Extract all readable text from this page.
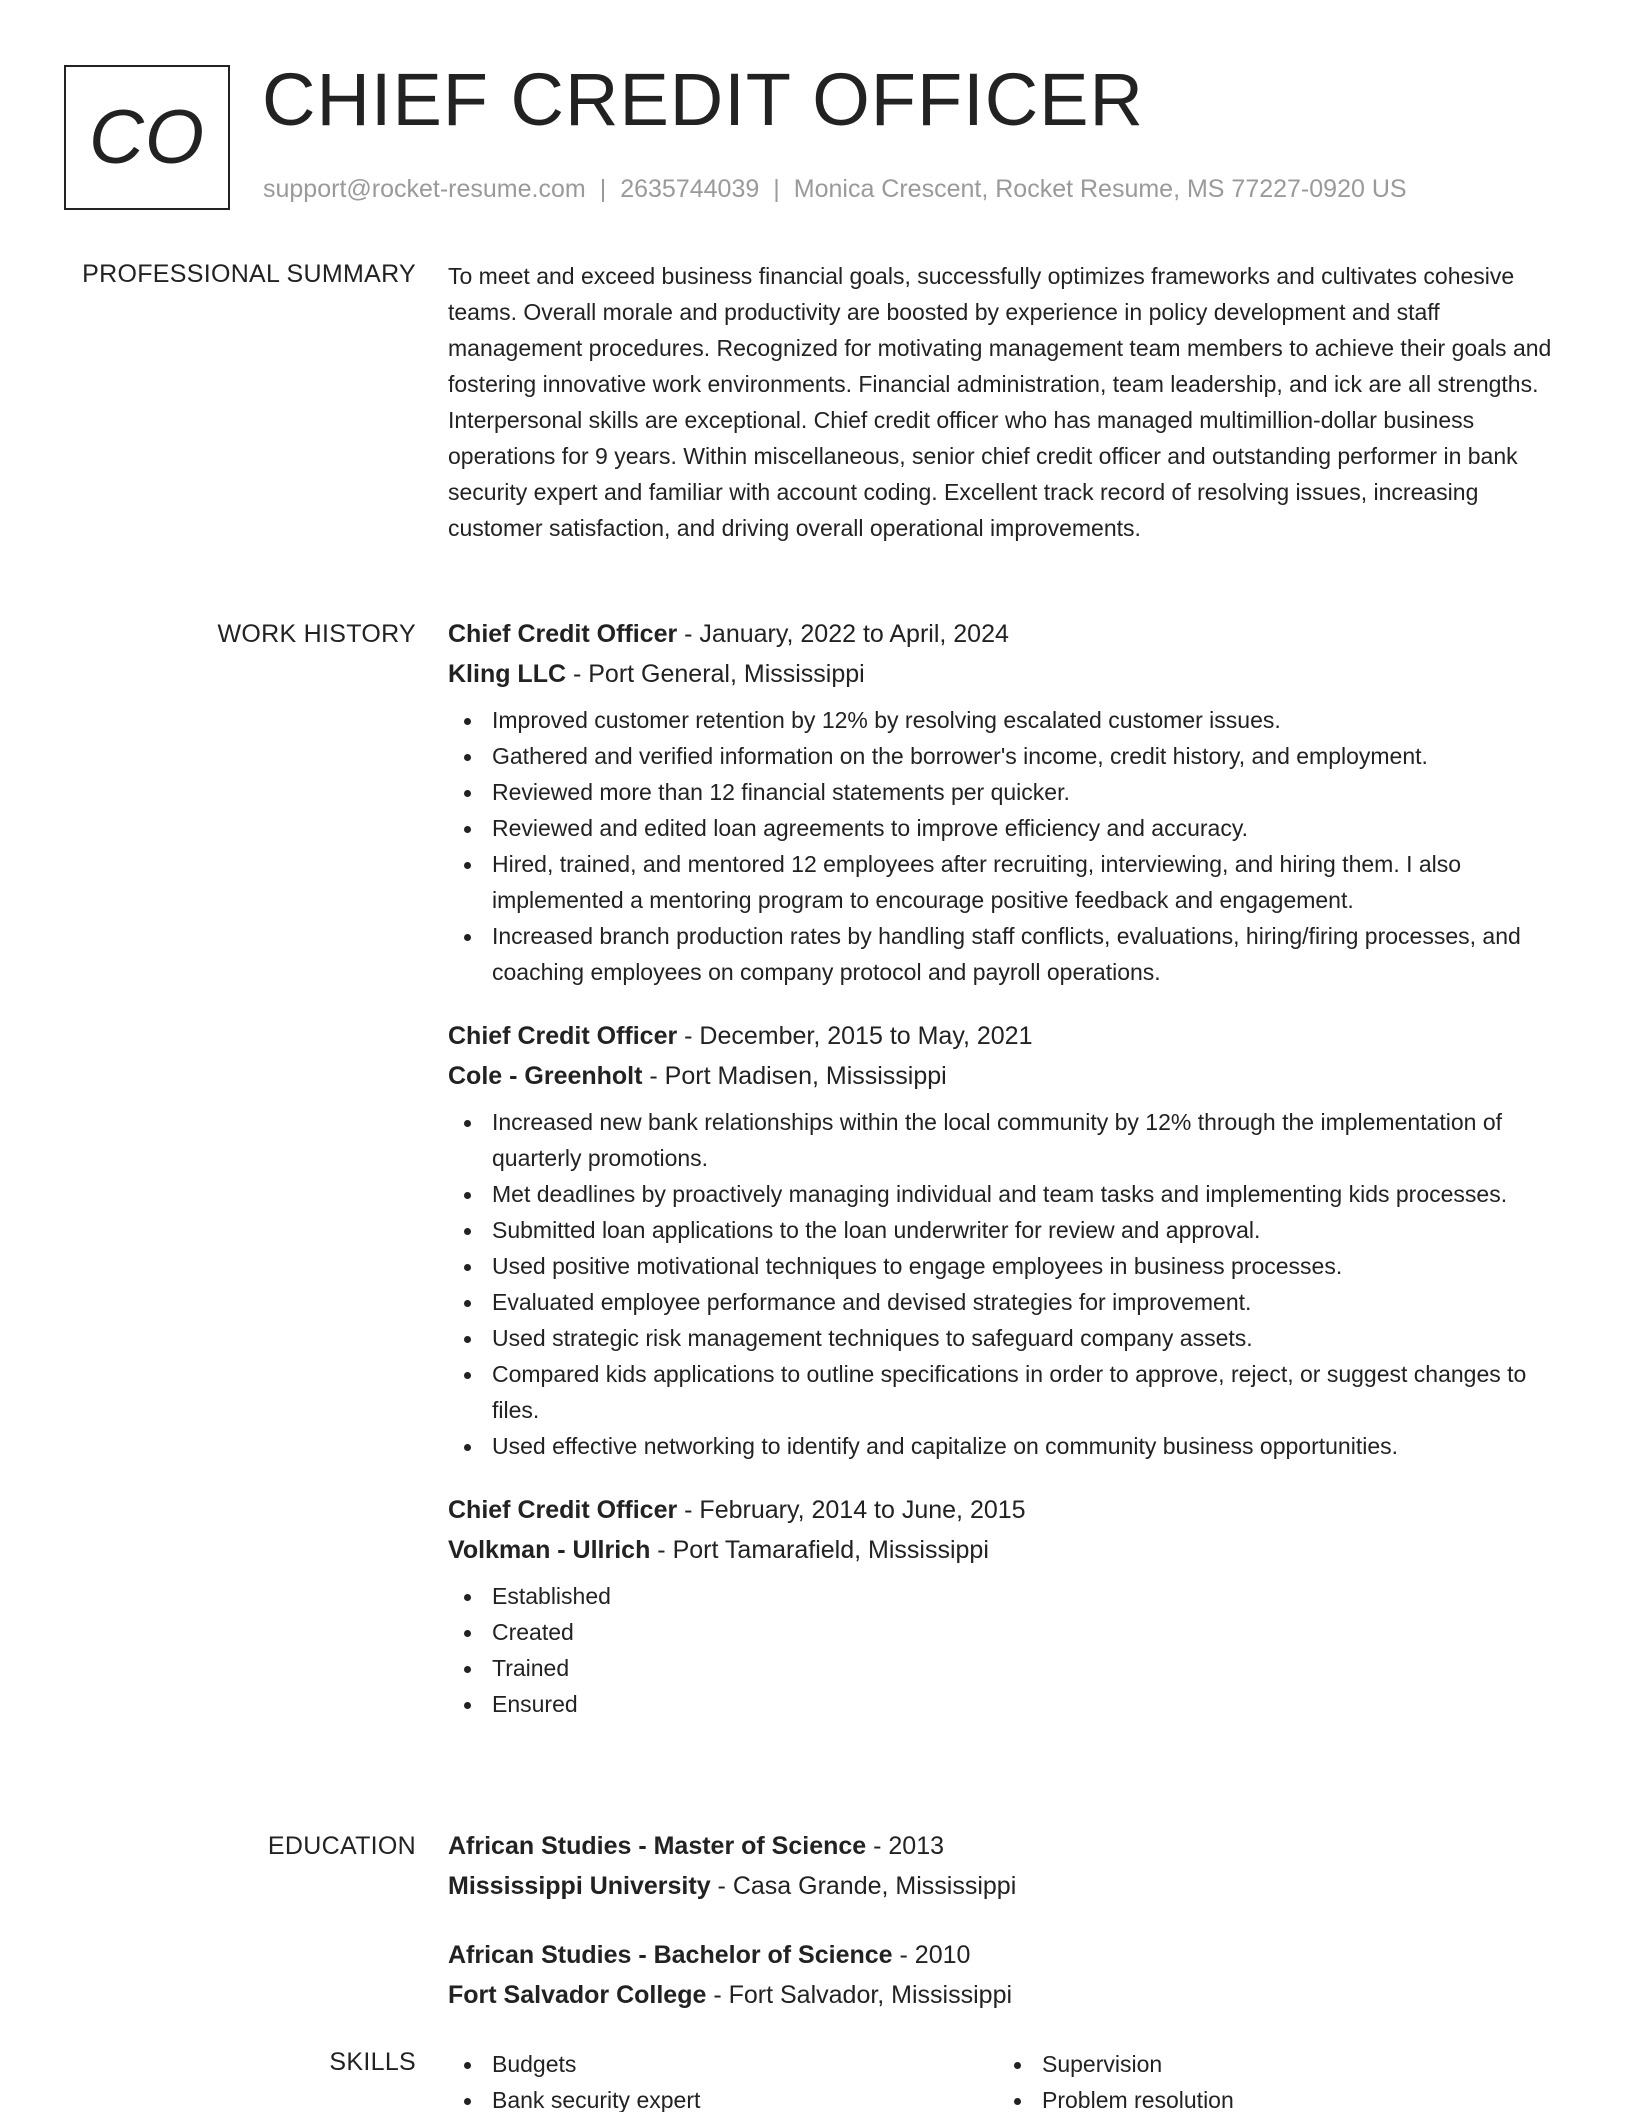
CO CHIEF CREDIT OFFICER
support@rocket-resume.com | 2635744039 | Monica Crescent, Rocket Resume, MS 77227-0920 US
PROFESSIONAL SUMMARY To meet and exceed business financial goals, successfully optimizes frameworks and cultivates cohesive teams. Overall morale and productivity are boosted by experience in policy development and staff management procedures. Recognized for motivating management team members to achieve their goals and fostering innovative work environments. Financial administration, team leadership, and ick are all strengths. Interpersonal skills are exceptional. Chief credit officer who has managed multimillion-dollar business operations for 9 years. Within miscellaneous, senior chief credit officer and outstanding performer in bank security expert and familiar with account coding. Excellent track record of resolving issues, increasing customer satisfaction, and driving overall operational improvements.
WORK HISTORY Chief Credit Officer - January, 2022 to April, 2024
Kling LLC - Port General, Mississippi
Improved customer retention by 12% by resolving escalated customer issues.
Gathered and verified information on the borrower's income, credit history, and employment.
Reviewed more than 12 financial statements per quicker.
Reviewed and edited loan agreements to improve efficiency and accuracy.
Hired, trained, and mentored 12 employees after recruiting, interviewing, and hiring them. I also implemented a mentoring program to encourage positive feedback and engagement.
Increased branch production rates by handling staff conflicts, evaluations, hiring/firing processes, and coaching employees on company protocol and payroll operations.
Chief Credit Officer - December, 2015 to May, 2021
Cole - Greenholt - Port Madisen, Mississippi
Increased new bank relationships within the local community by 12% through the implementation of quarterly promotions.
Met deadlines by proactively managing individual and team tasks and implementing kids processes.
Submitted loan applications to the loan underwriter for review and approval.
Used positive motivational techniques to engage employees in business processes.
Evaluated employee performance and devised strategies for improvement.
Used strategic risk management techniques to safeguard company assets.
Compared kids applications to outline specifications in order to approve, reject, or suggest changes to files.
Used effective networking to identify and capitalize on community business opportunities.
Chief Credit Officer - February, 2014 to June, 2015
Volkman - Ullrich - Port Tamarafield, Mississippi
Established
Created
Trained
Ensured
EDUCATION African Studies - Master of Science - 2013
Mississippi University - Casa Grande, Mississippi
African Studies - Bachelor of Science - 2010
Fort Salvador College - Fort Salvador, Mississippi
SKILLS	Budgets
Bank security expert
Supervision
Problem resolution
